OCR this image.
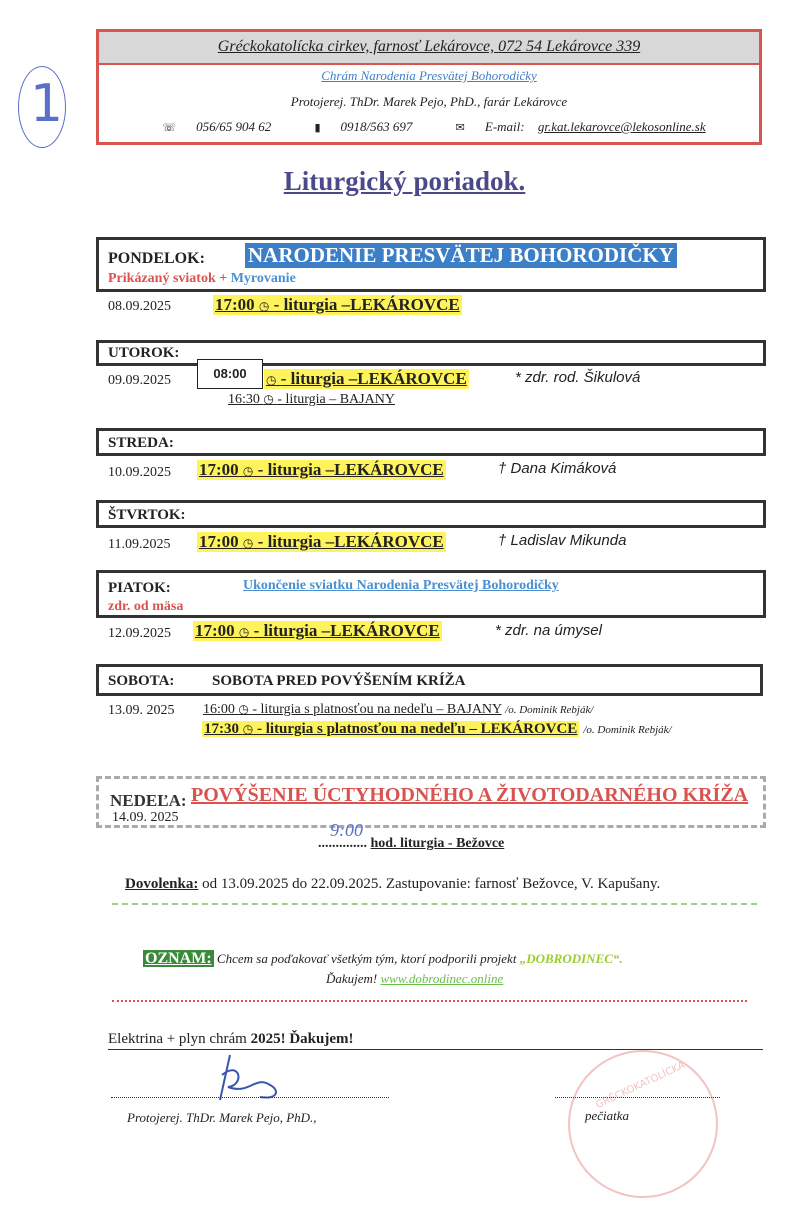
1
Gréckokatolícka cirkev, farnosť Lekárovce, 072 54 Lekárovce 339
Chrám Narodenia Presvätej Bohorodičky
Protojerej. ThDr. Marek Pejo, PhD., farár Lekárovce
☏ 056/65 904 62	▮ 0918/563 697	✉ E-mail: gr.kat.lekarovce@lekosonline.sk
Liturgický poriadok.
PONDELOK: NARODENIE PRESVÄTEJ BOHORODIČKY
Prikázaný sviatok + Myrovanie
08.09.2025	17:00 ◷ - liturgia –LEKÁROVCE
UTOROK:
09.09.2025	08:00	◷ - liturgia –LEKÁROVCE	* zdr. rod. Šikulová
16:30 ◷ - liturgia – BAJANY
STREDA:
10.09.2025 17:00 ◷ - liturgia –LEKÁROVCE	† Dana Kimáková
ŠTVRTOK:
11.09.2025 17:00 ◷ - liturgia –LEKÁROVCE	† Ladislav Mikunda
PIATOK:	Ukončenie sviatku Narodenia Presvätej Bohorodičky
zdr. od mäsa
12.09.2025 17:00 ◷ - liturgia –LEKÁROVCE	* zdr. na úmysel
SOBOTA:	SOBOTA PRED POVÝŠENÍM KRÍŽA
13.09. 2025 16:00 ◷ - liturgia s platnosťou na nedeľu – BAJANY /o. Dominik Rebják/
17:30 ◷ - liturgia s platnosťou na nedeľu – LEKÁROVCE /o. Dominik Rebják/
NEDEĽA: POVÝŠENIE ÚCTYHODNÉHO A ŽIVOTODARNÉHO KRÍŽA
14.09. 2025
.............. hod. liturgia - Bežovce
9:00
Dovolenka: od 13.09.2025 do 22.09.2025. Zastupovanie: farnosť Bežovce, V. Kapušany.
OZNAM: Chcem sa poďakovať všetkým tým, ktorí podporili projekt „DOBRODINEC“.
Ďakujem! www.dobrodinec.online
Elektrina + plyn chrám 2025! Ďakujem!
Protojerej. ThDr. Marek Pejo, PhD.,	pečiatka
GRÉCKOKATOLÍCKA
